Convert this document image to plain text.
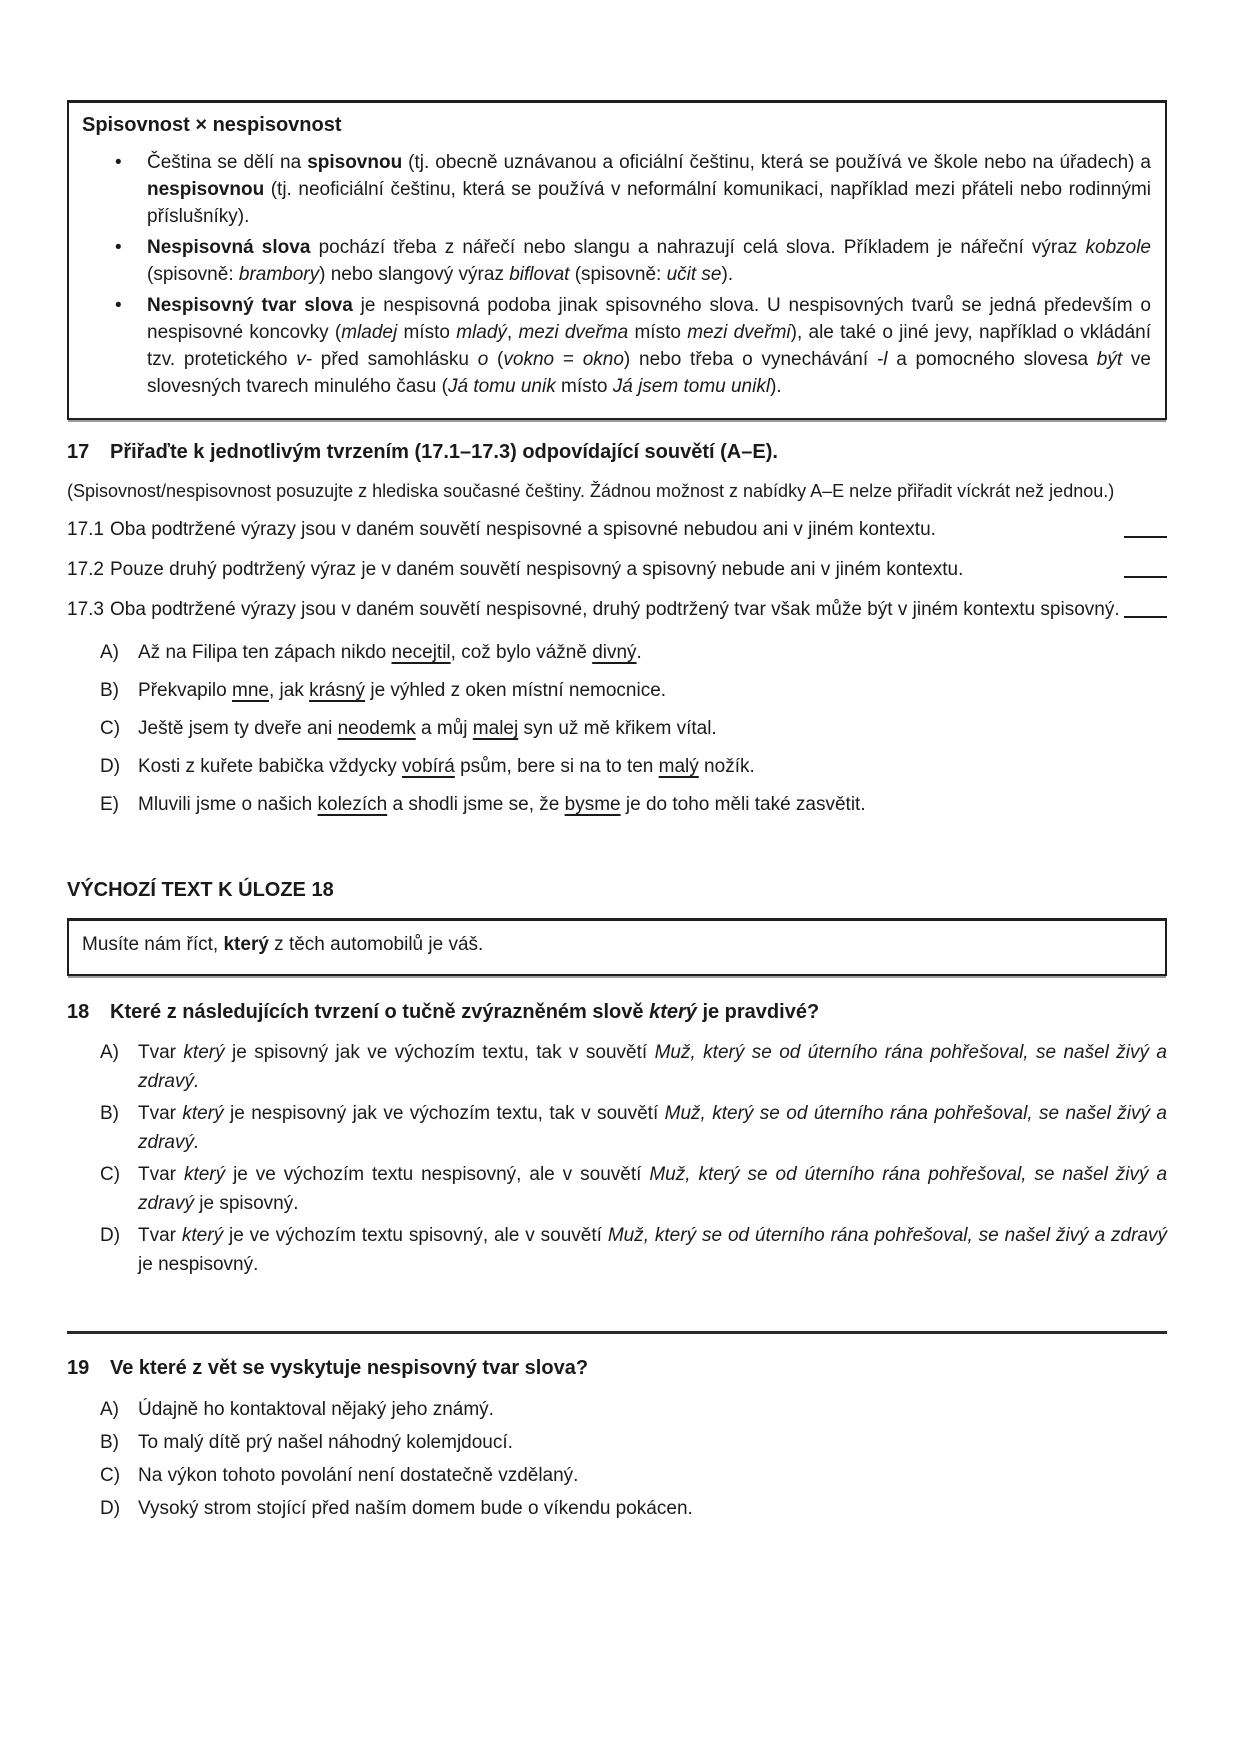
Spisovnost × nespisovnost
• Čeština se dělí na spisovnou (tj. obecně uznávanou a oficiální češtinu, která se používá ve škole nebo na úřadech) a nespisovnou (tj. neoficiální češtinu, která se používá v neformální komunikaci, například mezi přáteli nebo rodinnými příslušníky).
• Nespisovná slova pochází třeba z nářečí nebo slangu a nahrazují celá slova. Příkladem je nářeční výraz kobzole (spisovně: brambory) nebo slangový výraz biflovat (spisovně: učit se).
• Nespisovný tvar slova je nespisovná podoba jinak spisovného slova. U nespisovných tvarů se jedná především o nespisovné koncovky (mladej místo mladý, mezi dveřma místo mezi dveřmi), ale také o jiné jevy, například o vkládání tzv. protetického v- před samohlásku o (vokno = okno) nebo třeba o vynechávání -l a pomocného slovesa být ve slovesných tvarech minulého času (Já tomu unik místo Já jsem tomu unikl).
17	Přiřaďte k jednotlivým tvrzením (17.1–17.3) odpovídající souvětí (A–E).

(Spisovnost/nespisovnost posuzujte z hlediska současné češtiny. Žádnou možnost z nabídky A–E nelze přiřadit víckrát než jednou.)

17.1 Oba podtržené výrazy jsou v daném souvětí nespisovné a spisovné nebudou ani v jiném kontextu.

17.2 Pouze druhý podtržený výraz je v daném souvětí nespisovný a spisovný nebude ani v jiném kontextu.

17.3 Oba podtržené výrazy jsou v daném souvětí nespisovné, druhý podtržený tvar však může být v jiném kontextu spisovný.

A)	Až na Filipa ten zápach nikdo necejtil, což bylo vážně divný.
B)	Překvapilo mne, jak krásný je výhled z oken místní nemocnice.
C) Ještě jsem ty dveře ani neodemk a můj malej syn už mě křikem vítal.
D) Kosti z kuřete babička vždycky vobírá psům, bere si na to ten malý nožík.
E)	Mluvili jsme o našich kolezích a shodli jsme se, že bysme je do toho měli také zasvětit.
VÝCHOZÍ TEXT K ÚLOZE 18

Musíte nám říct, který z těch automobilů je váš.

18	Které z následujících tvrzení o tučně zvýrazněném slově který je pravdivé?
A)	Tvar který je spisovný jak ve výchozím textu, tak v souvětí Muž, který se od úterního rána pohřešoval, se našel živý a zdravý.
B)	Tvar který je nespisovný jak ve výchozím textu, tak v souvětí Muž, který se od úterního rána pohřešoval, se našel živý a zdravý.
C) Tvar který je ve výchozím textu nespisovný, ale v souvětí Muž, který se od úterního rána pohřešoval, se našel živý a zdravý je spisovný.
D) Tvar který je ve výchozím textu spisovný, ale v souvětí Muž, který se od úterního rána pohřešoval, se našel živý a zdravý je nespisovný.
19	Ve které z vět se vyskytuje nespisovný tvar slova?
A)	Údajně ho kontaktoval nějaký jeho známý.
B)	To malý dítě prý našel náhodný kolemjdoucí.
C) Na výkon tohoto povolání není dostatečně vzdělaný.
D) Vysoký strom stojící před naším domem bude o víkendu pokácen.
